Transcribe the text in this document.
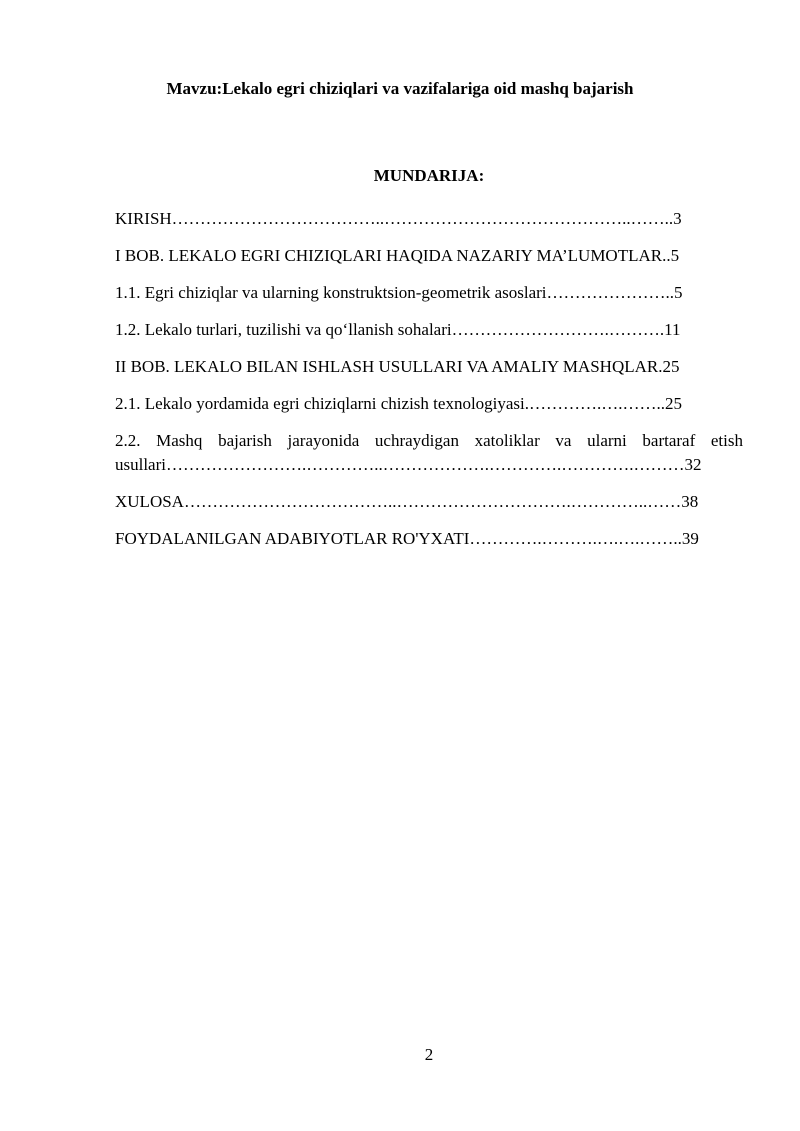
Mavzu:Lekalo egri chiziqlari va vazifalariga oid mashq bajarish
MUNDARIJA:
KIRISH………………………………..……………………………………..……..3
I BOB. LEKALO EGRI CHIZIQLARI HAQIDA NAZARIY MA’LUMOTLAR..5
1.1. Egri chiziqlar va ularning konstruktsion-geometrik asoslari…………………..5
1.2. Lekalo turlari, tuzilishi va qo‘llanish sohalari……………………….……….11
II BOB. LEKALO BILAN ISHLASH USULLARI VA AMALIY MASHQLAR.25
2.1. Lekalo yordamida egri chiziqlarni chizish texnologiyasi.………….….……..25
2.2. Mashq bajarish jarayonida uchraydigan xatoliklar va ularni bartaraf etish usullari…………………….…………..……………….………….………….………32
XULOSA………………………………..………………………….…………..……38
FOYDALANILGAN ADABIYOTLAR RO'YXATI………….……….….….……..39
2
